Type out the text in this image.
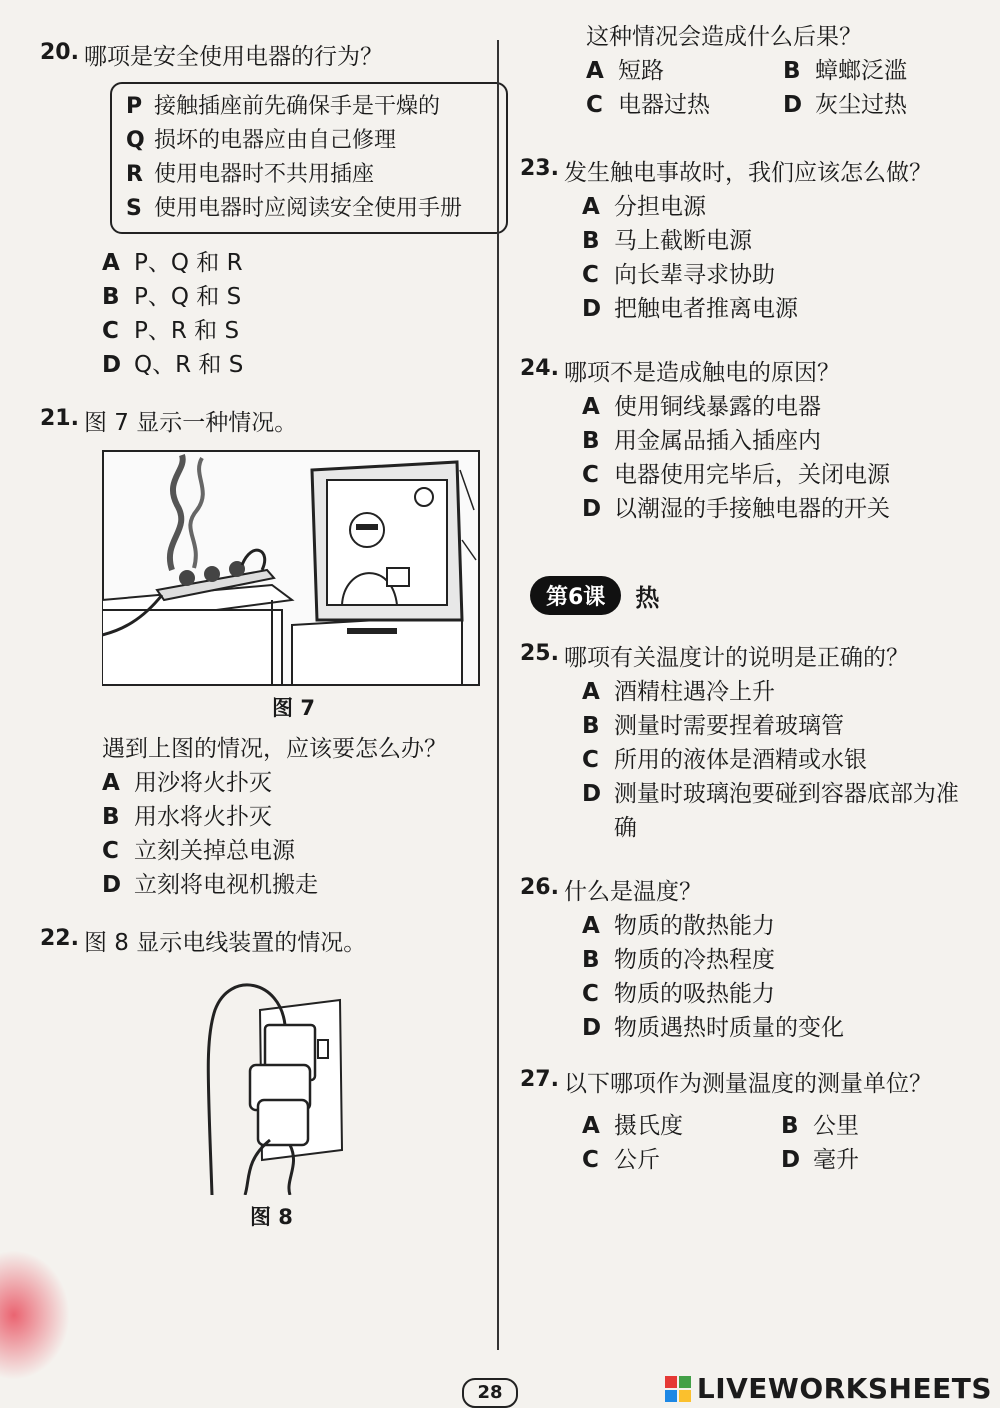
20. 哪项是安全使用电器的行为？
P 接触插座前先确保手是干燥的
Q 损坏的电器应由自己修理
R 使用电器时不共用插座
S 使用电器时应阅读安全使用手册
A P、Q 和 R
B P、Q 和 S
C P、R 和 S
D Q、R 和 S
21. 图 7 显示一种情况。
图 7
遇到上图的情况，应该要怎么办？
A 用沙将火扑灭
B 用水将火扑灭
C 立刻关掉总电源
D 立刻将电视机搬走
22. 图 8 显示电线装置的情况。
图 8
这种情况会造成什么后果？
A 短路	B 蟑螂泛滥
C 电器过热	D 灰尘过热
23. 发生触电事故时，我们应该怎么做？
A 分担电源
B 马上截断电源
C 向长辈寻求协助
D 把触电者推离电源
24. 哪项不是造成触电的原因？
A 使用铜线暴露的电器
B 用金属品插入插座内
C 电器使用完毕后，关闭电源
D 以潮湿的手接触电器的开关
第6课	热
25. 哪项有关温度计的说明是正确的？
A 酒精柱遇冷上升
B 测量时需要捏着玻璃管
C 所用的液体是酒精或水银
D 测量时玻璃泡要碰到容器底部为准确
26. 什么是温度？
A 物质的散热能力
B 物质的冷热程度
C 物质的吸热能力
D 物质遇热时质量的变化
27. 以下哪项作为测量温度的测量单位？
A 摄氏度	B 公里
C 公斤	D 毫升
28	LIVEWORKSHEETS
